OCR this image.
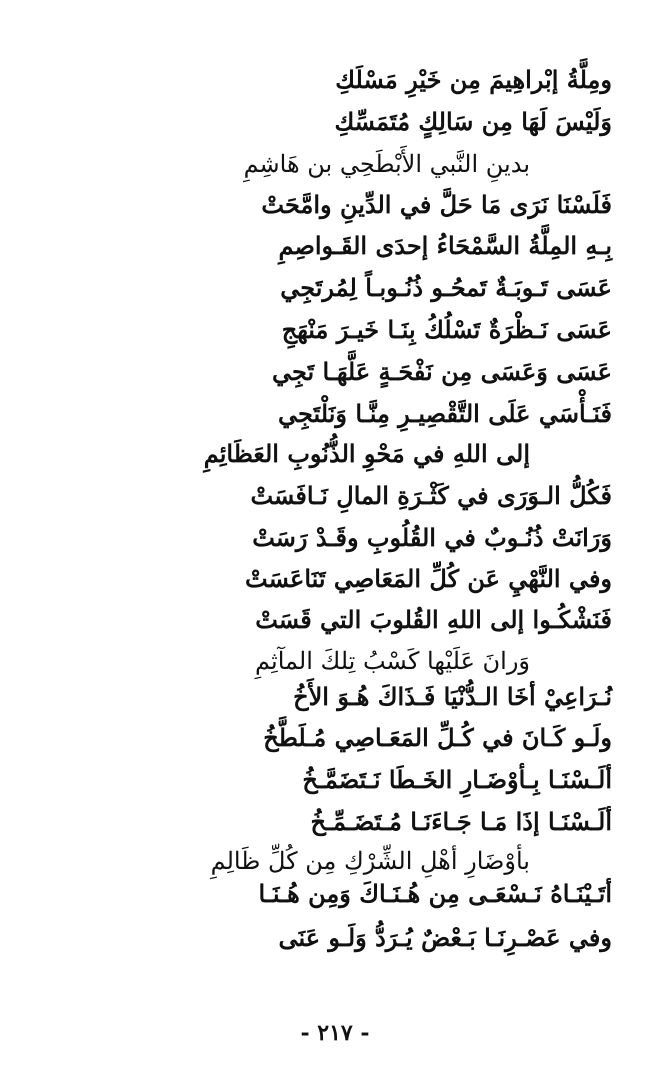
ومِلَّةُ إبْراهِيمَ مِن خَيْرِ مَسْلَكِ
وَلَيْسَ لَهَا مِن سَالِكٍ مُتَمَسِّكِ
بدينِ النَّبي الأَبْطَحِي بن هَاشِمِ
فَلَسْنَا نَرَى مَا حَلَّ في الدِّينِ وامَّحَتْ
بِـهِ المِلَّةُ السَّمْحَاءُ إحدَى القَـواصِمِ
عَسَى تَـوبَـةٌ تَمحُـو ذُنُـوبـاً لِمُرتَجِي
عَسَى نَـظْرَةٌ تَسْلُكُ بِنَـا خَيـرَ مَنْهَجِ
عَسَى وَعَسَى مِن نَفْحَـةٍ عَلَّهَـا تَجِي
فَنَـأْسَي عَلَى التَّقْصِيـرِ مِنَّـا وَنَلْتَجِي
إلى اللهِ في مَحْوِ الذُّنُوبِ العَظَائِمِ
فَكُلُّ الـوَرَى في كَثْـرَةِ المالِ نَـافَسَتْ
وَرَانَتْ ذُنُـوبٌ في القُلُوبِ وقَـدْ رَسَتْ
وفي النَّهْيِ عَن كُلِّ المَعَاصِي تَنَاعَسَتْ
فَنَشْكُـوا إلى اللهِ القُلوبَ التي قَسَتْ
وَرانَ عَلَيْها كَسْبُ تِلكَ المآثِمِ
نُـرَاعِيْ أخَا الـدُّنْيَا فَـذَاكَ هُـوَ الأَخُ
ولَـو كَـانَ في كُـلِّ المَعَـاصِي مُـلَطَّخُ
ألَـسْنَـا بِـأوْضَـارِ الخَـطَا نَـتَضَمَّـخُ
ألَـسْنَـا إذَا مَـا جَـاءَنَـا مُـتَضَـمِّـخُ
بأوْضَارِ أهْلِ الشِّرْكِ مِن كُلِّ ظَالِمِ
أتَـيْنَـاهُ نَـسْعَـى مِن هُـنَـاكَ وَمِن هُـنَـا
وفي عَصْـرِنَـا بَـعْضٌ يُـرَدُّ وَلَـو عَنَى
- ٢١٧ -
